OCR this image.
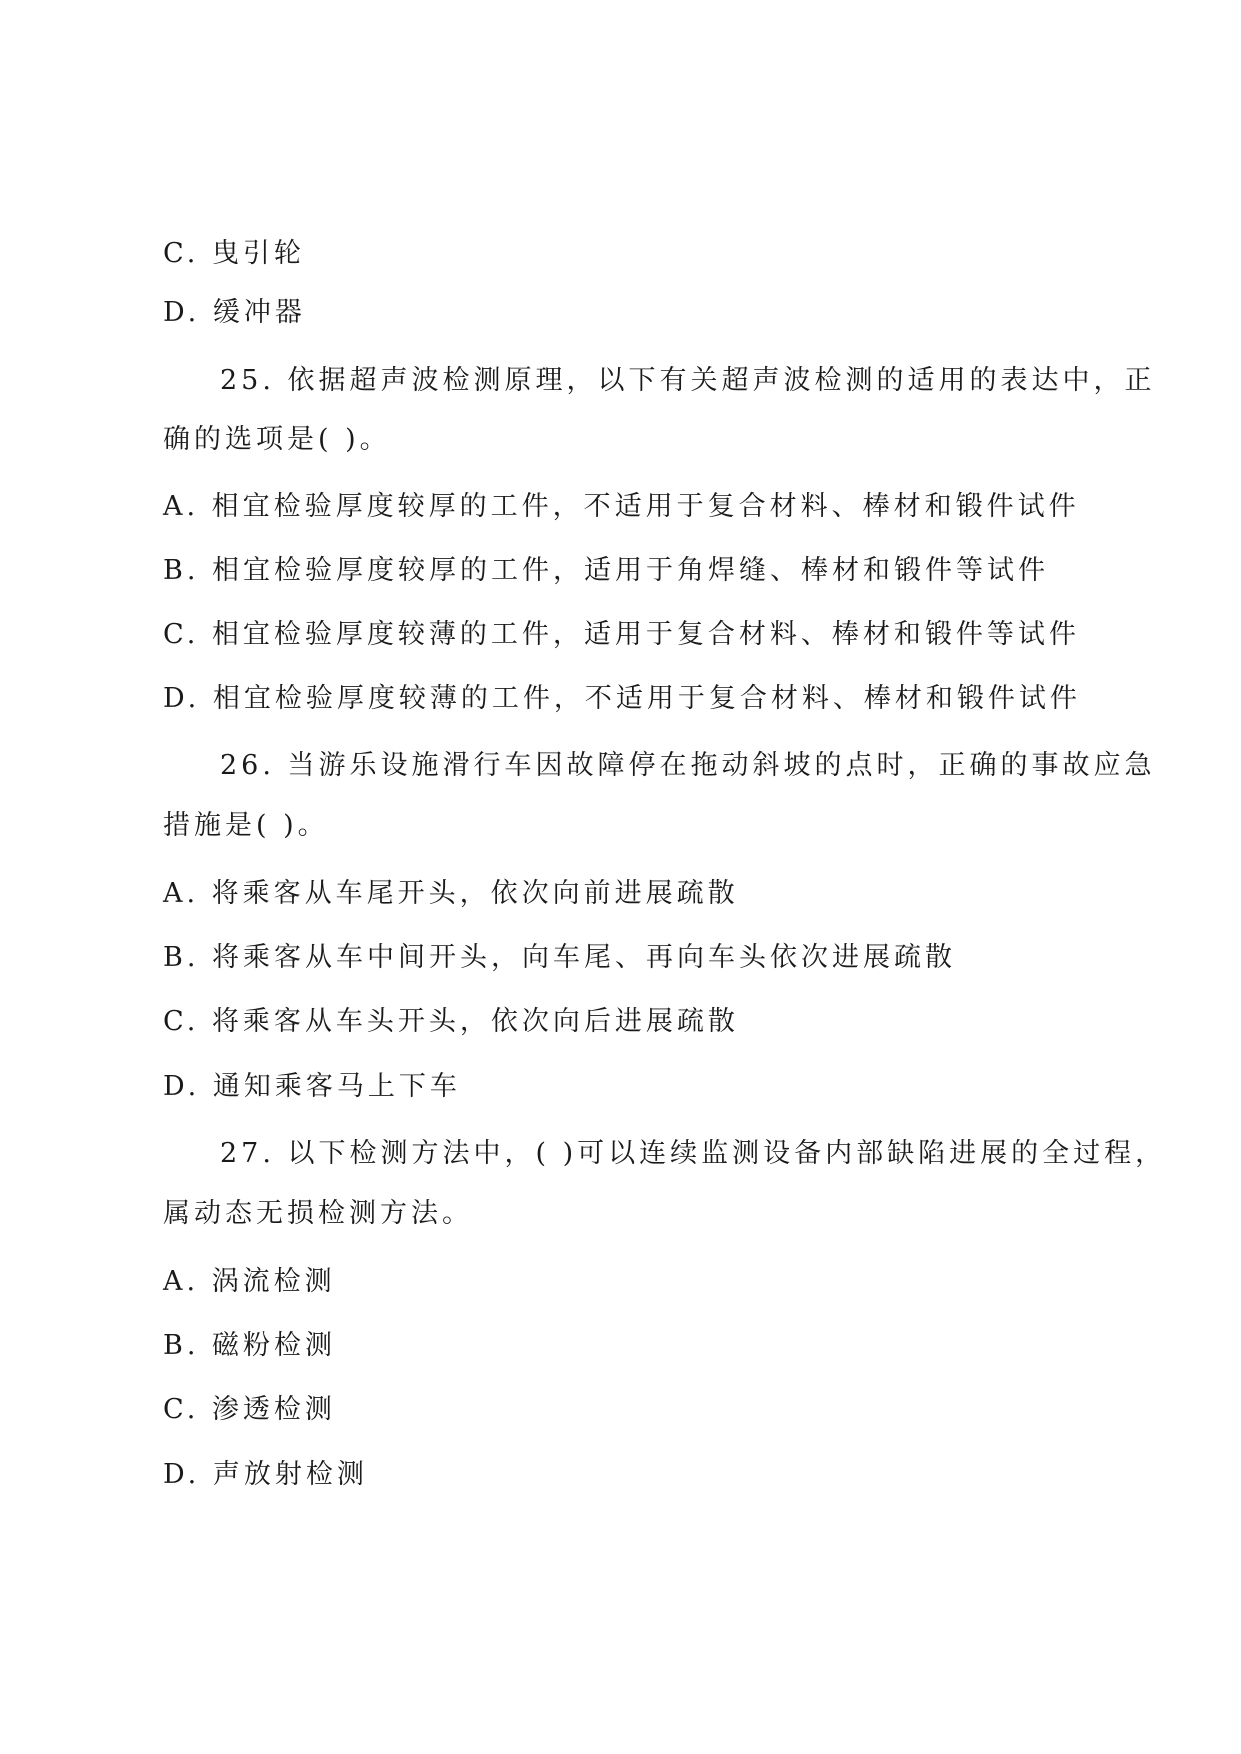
C. 曳引轮
D. 缓冲器
25. 依据超声波检测原理，以下有关超声波检测的适用的表达中，正
确的选项是( )。
A. 相宜检验厚度较厚的工件，不适用于复合材料、棒材和锻件试件
B. 相宜检验厚度较厚的工件，适用于角焊缝、棒材和锻件等试件
C. 相宜检验厚度较薄的工件，适用于复合材料、棒材和锻件等试件
D. 相宜检验厚度较薄的工件，不适用于复合材料、棒材和锻件试件
26. 当游乐设施滑行车因故障停在拖动斜坡的点时，正确的事故应急
措施是( )。
A. 将乘客从车尾开头，依次向前进展疏散
B. 将乘客从车中间开头，向车尾、再向车头依次进展疏散
C. 将乘客从车头开头，依次向后进展疏散
D. 通知乘客马上下车
27. 以下检测方法中，( )可以连续监测设备内部缺陷进展的全过程，
属动态无损检测方法。
A. 涡流检测
B. 磁粉检测
C. 渗透检测
D. 声放射检测
